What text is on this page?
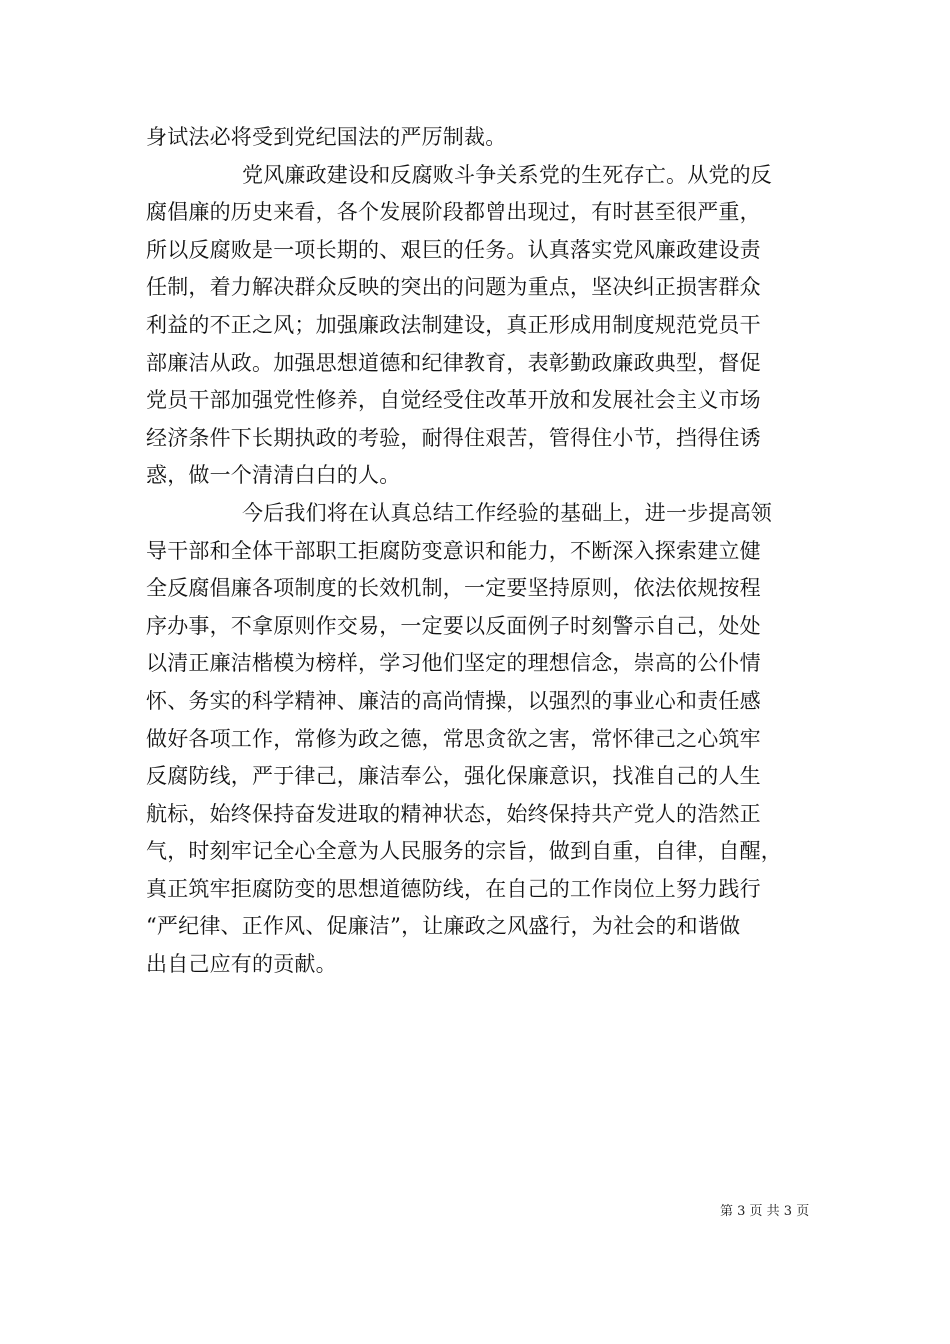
身试法必将受到党纪国法的严厉制裁。
党风廉政建设和反腐败斗争关系党的生死存亡。从党的反
腐倡廉的历史来看，各个发展阶段都曾出现过，有时甚至很严重，
所以反腐败是一项长期的、艰巨的任务。认真落实党风廉政建设责
任制，着力解决群众反映的突出的问题为重点，坚决纠正损害群众
利益的不正之风；加强廉政法制建设，真正形成用制度规范党员干
部廉洁从政。加强思想道德和纪律教育，表彰勤政廉政典型，督促
党员干部加强党性修养，自觉经受住改革开放和发展社会主义市场
经济条件下长期执政的考验，耐得住艰苦，管得住小节，挡得住诱
惑，做一个清清白白的人。
今后我们将在认真总结工作经验的基础上，进一步提高领
导干部和全体干部职工拒腐防变意识和能力，不断深入探索建立健
全反腐倡廉各项制度的长效机制，一定要坚持原则，依法依规按程
序办事，不拿原则作交易，一定要以反面例子时刻警示自己，处处
以清正廉洁楷模为榜样，学习他们坚定的理想信念，崇高的公仆情
怀、务实的科学精神、廉洁的高尚情操，以强烈的事业心和责任感
做好各项工作，常修为政之德，常思贪欲之害，常怀律己之心筑牢
反腐防线，严于律己，廉洁奉公，强化保廉意识，找准自己的人生
航标，始终保持奋发进取的精神状态，始终保持共产党人的浩然正
气，时刻牢记全心全意为人民服务的宗旨，做到自重，自律，自醒，
真正筑牢拒腐防变的思想道德防线，在自己的工作岗位上努力践行
“严纪律、正作风、促廉洁”，让廉政之风盛行，为社会的和谐做
出自己应有的贡献。
第 3 页 共 3 页
